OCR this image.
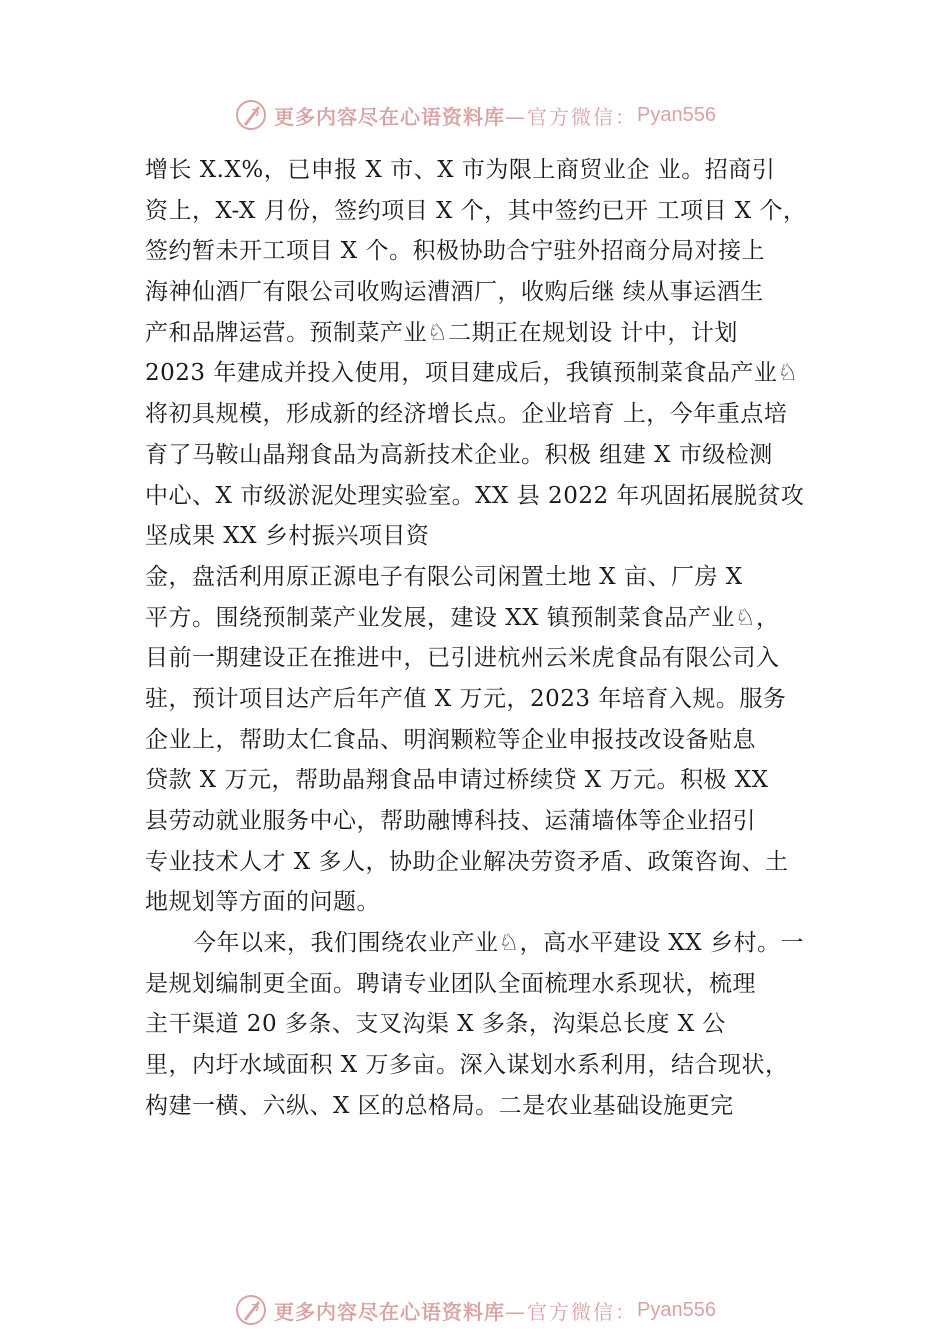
更多内容尽在心语资料库 —官方微信： Pyan556
增长 X.X%，已申报 X 市、X 市为限上商贸业企 业。招商引
资上，X-X 月份，签约项目 X 个，其中签约已开 工项目 X 个，
签约暂未开工项目 X 个。积极协助合宁驻外招商分局对接上
海神仙酒厂有限公司收购运漕酒厂，收购后继 续从事运酒生
产和品牌运营。预制菜产业♘二期正在规划设 计中，计划
2023 年建成并投入使用，项目建成后，我镇预制菜食品产业♘
将初具规模，形成新的经济增长点。企业培育 上，今年重点培
育了马鞍山晶翔食品为高新技术企业。积极 组建 X 市级检测
中心、X 市级淤泥处理实验室。XX 县 2022 年巩固拓展脱贫攻
坚成果 XX 乡村振兴项目资
金，盘活利用原正源电子有限公司闲置土地 X 亩、厂房 X
平方。围绕预制菜产业发展，建设 XX 镇预制菜食品产业♘，
目前一期建设正在推进中，已引进杭州云米虎食品有限公司入
驻，预计项目达产后年产值 X 万元，2023 年培育入规。服务
企业上，帮助太仁食品、明润颗粒等企业申报技改设备贴息
贷款 X 万元，帮助晶翔食品申请过桥续贷 X 万元。积极 XX
县劳动就业服务中心，帮助融博科技、运蒲墙体等企业招引
专业技术人才 X 多人，协助企业解决劳资矛盾、政策咨询、土
地规划等方面的问题。
今年以来，我们围绕农业产业♘，高水平建设 XX 乡村。一
是规划编制更全面。聘请专业团队全面梳理水系现状，梳理
主干渠道 20 多条、支叉沟渠 X 多条，沟渠总长度 X 公
里，内圩水域面积 X 万多亩。深入谋划水系利用，结合现状，
构建一横、六纵、X 区的总格局。二是农业基础设施更完
更多内容尽在心语资料库 —官方微信： Pyan556
